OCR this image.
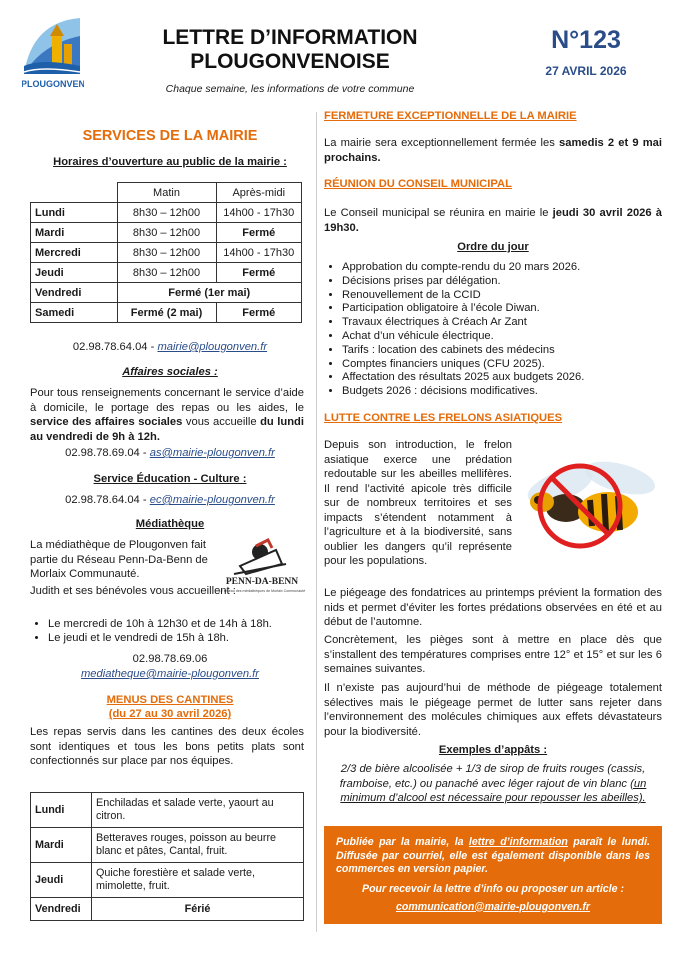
PLOUGONVEN
LETTRE D’INFORMATION
PLOUGONVENOISE
Chaque semaine, les informations de votre commune
N°123
27 AVRIL 2026
SERVICES DE LA MAIRIE
Horaires d’ouverture au public de la mairie :
	Matin	Après-midi
Lundi	8h30 – 12h00	14h00 - 17h30
Mardi	8h30 – 12h00	Fermé
Mercredi	8h30 – 12h00	14h00 - 17h30
Jeudi	8h30 – 12h00	Fermé
Vendredi	Fermé (1er mai)	
Samedi	Fermé (2 mai)	Fermé
02.98.78.64.04 - mairie@plougonven.fr
Affaires sociales :
Pour tous renseignements concernant le service d’aide à domicile, le portage des repas ou les aides, le service des affaires sociales vous accueille du lundi au vendredi de 9h à 12h.
02.98.78.69.04 - as@mairie-plougonven.fr
Service Éducation - Culture :
02.98.78.64.04 - ec@mairie-plougonven.fr
Médiathèque
La médiathèque de Plougonven fait partie du Réseau Penn-Da-Benn de Morlaix Communauté.
PENN-DA-BENN
Le réseau des médiathèques de Morlaix Communauté
Judith et ses bénévoles vous accueillent :
• Le mercredi de 10h à 12h30 et de 14h à 18h.
• Le jeudi et le vendredi de 15h à 18h.
02.98.78.69.06
mediatheque@mairie-plougonven.fr
MENUS DES CANTINES
(du 27 au 30 avril 2026)
Les repas servis dans les cantines des deux écoles sont identiques et tous les bons petits plats sont confectionnés sur place par nos équipes.
Lundi	Enchiladas et salade verte, yaourt au citron.
Mardi	Betteraves rouges, poisson au beurre blanc et pâtes, Cantal, fruit.
Jeudi	Quiche forestière et salade verte, mimolette, fruit.
Vendredi	Férié
FERMETURE EXCEPTIONNELLE DE LA MAIRIE
La mairie sera exceptionnellement fermée les samedis 2 et 9 mai prochains.
RÉUNION DU CONSEIL MUNICIPAL
Le Conseil municipal se réunira en mairie le jeudi 30 avril 2026 à 19h30.
Ordre du jour
• Approbation du compte-rendu du 20 mars 2026.
• Décisions prises par délégation.
• Renouvellement de la CCID
• Participation obligatoire à l’école Diwan.
• Travaux électriques à Créach Ar Zant
• Achat d’un véhicule électrique.
• Tarifs : location des cabinets des médecins
• Comptes financiers uniques (CFU 2025).
• Affectation des résultats 2025 aux budgets 2026.
• Budgets 2026 : décisions modificatives.
LUTTE CONTRE LES FRELONS ASIATIQUES
Depuis son introduction, le frelon asiatique exerce une prédation redoutable sur les abeilles mellifères. Il rend l’activité apicole très difficile sur de nombreux territoires et ses impacts s’étendent notamment à l’agriculture et à la biodiversité, sans oublier les dangers qu’il représente pour les populations.
Le piégeage des fondatrices au printemps prévient la formation des nids et permet d’éviter les fortes prédations observées en été et au début de l’automne.
Concrètement, les pièges sont à mettre en place dès que s’installent des températures comprises entre 12° et 15° et sur les 6 semaines suivantes.
Il n’existe pas aujourd’hui de méthode de piégeage totalement sélectives mais le piégeage permet de lutter sans rejeter dans l’environnement des molécules chimiques aux effets dévastateurs pour la biodiversité.
Exemples d’appâts :
2/3 de bière alcoolisée + 1/3 de sirop de fruits rouges (cassis, framboise, etc.) ou panaché avec léger rajout de vin blanc (un minimum d’alcool est nécessaire pour repousser les abeilles).
Publiée par la mairie, la lettre d’information paraît le lundi. Diffusée par courriel, elle est également disponible dans les commerces en version papier.
Pour recevoir la lettre d’info ou proposer un article :
communication@mairie-plougonven.fr
